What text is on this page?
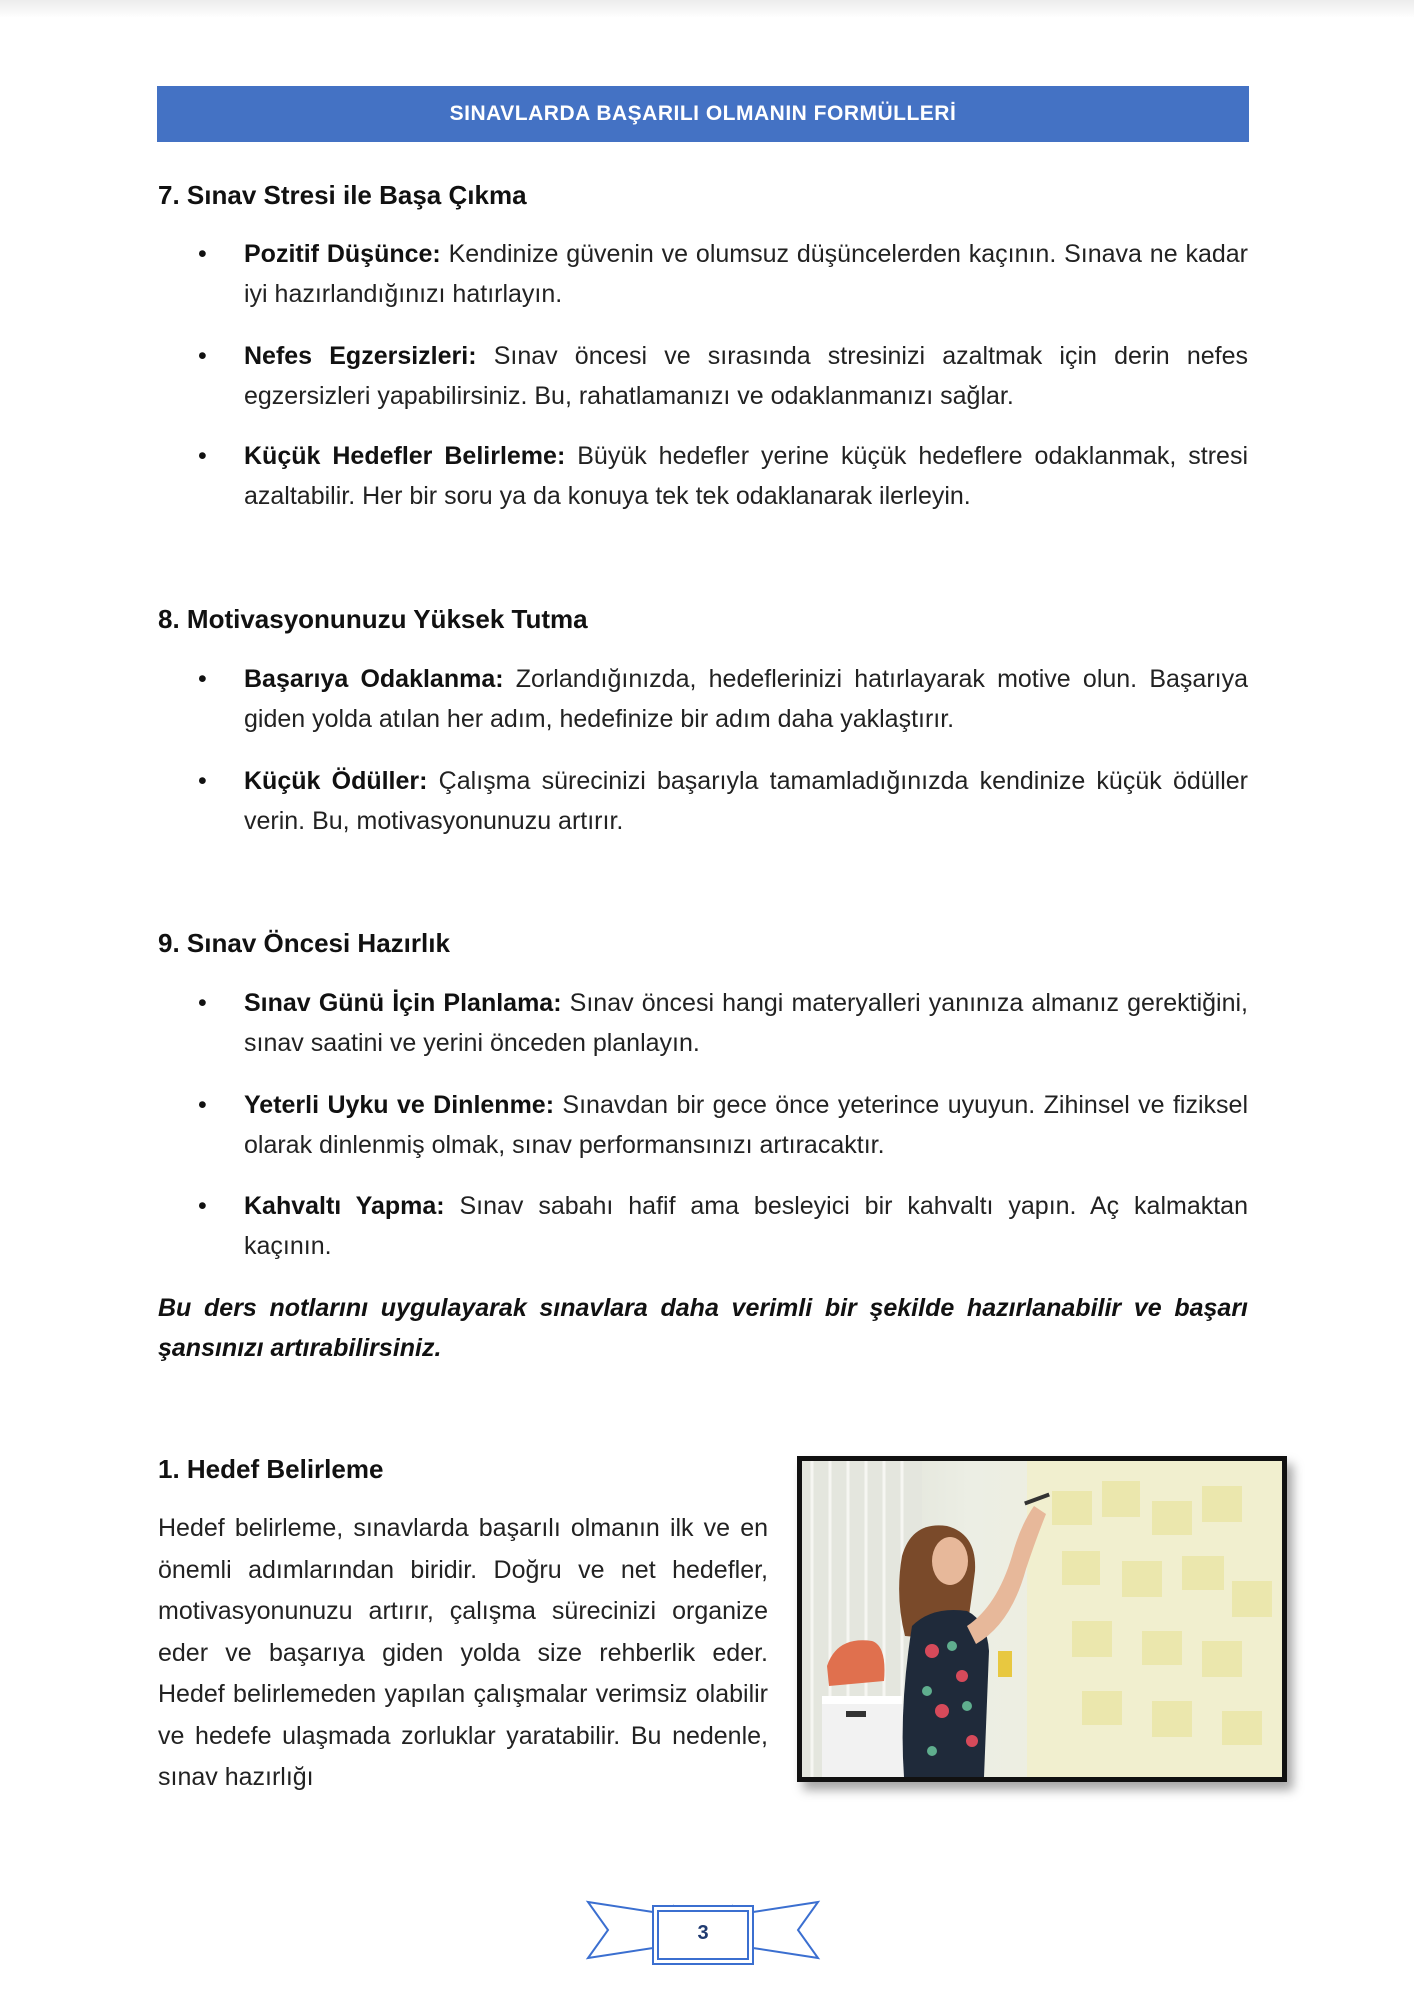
SINAVLARDA BAŞARILI OLMANIN FORMÜLLERİ
7. Sınav Stresi ile Başa Çıkma
• Pozitif Düşünce: Kendinize güvenin ve olumsuz düşüncelerden kaçının. Sınava ne kadar iyi hazırlandığınızı hatırlayın.
• Nefes Egzersizleri: Sınav öncesi ve sırasında stresinizi azaltmak için derin nefes egzersizleri yapabilirsiniz. Bu, rahatlamanızı ve odaklanmanızı sağlar.
• Küçük Hedefler Belirleme: Büyük hedefler yerine küçük hedeflere odaklanmak, stresi azaltabilir. Her bir soru ya da konuya tek tek odaklanarak ilerleyin.
8. Motivasyonunuzu Yüksek Tutma
• Başarıya Odaklanma: Zorlandığınızda, hedeflerinizi hatırlayarak motive olun. Başarıya giden yolda atılan her adım, hedefinize bir adım daha yaklaştırır.
• Küçük Ödüller: Çalışma sürecinizi başarıyla tamamladığınızda kendinize küçük ödüller verin. Bu, motivasyonunuzu artırır.
9. Sınav Öncesi Hazırlık
• Sınav Günü İçin Planlama: Sınav öncesi hangi materyalleri yanınıza almanız gerektiğini, sınav saatini ve yerini önceden planlayın.
• Yeterli Uyku ve Dinlenme: Sınavdan bir gece önce yeterince uyuyun. Zihinsel ve fiziksel olarak dinlenmiş olmak, sınav performansınızı artıracaktır.
• Kahvaltı Yapma: Sınav sabahı hafif ama besleyici bir kahvaltı yapın. Aç kalmaktan kaçının.
Bu ders notlarını uygulayarak sınavlara daha verimli bir şekilde hazırlanabilir ve başarı şansınızı artırabilirsiniz.
1. Hedef Belirleme
Hedef belirleme, sınavlarda başarılı olmanın ilk ve en önemli adımlarından biridir. Doğru ve net hedefler, motivasyonunuzu artırır, çalışma sürecinizi organize eder ve başarıya giden yolda size rehberlik eder. Hedef belirlemeden yapılan çalışmalar verimsiz olabilir ve hedefe ulaşmada zorluklar yaratabilir. Bu nedenle, sınav hazırlığı
3
